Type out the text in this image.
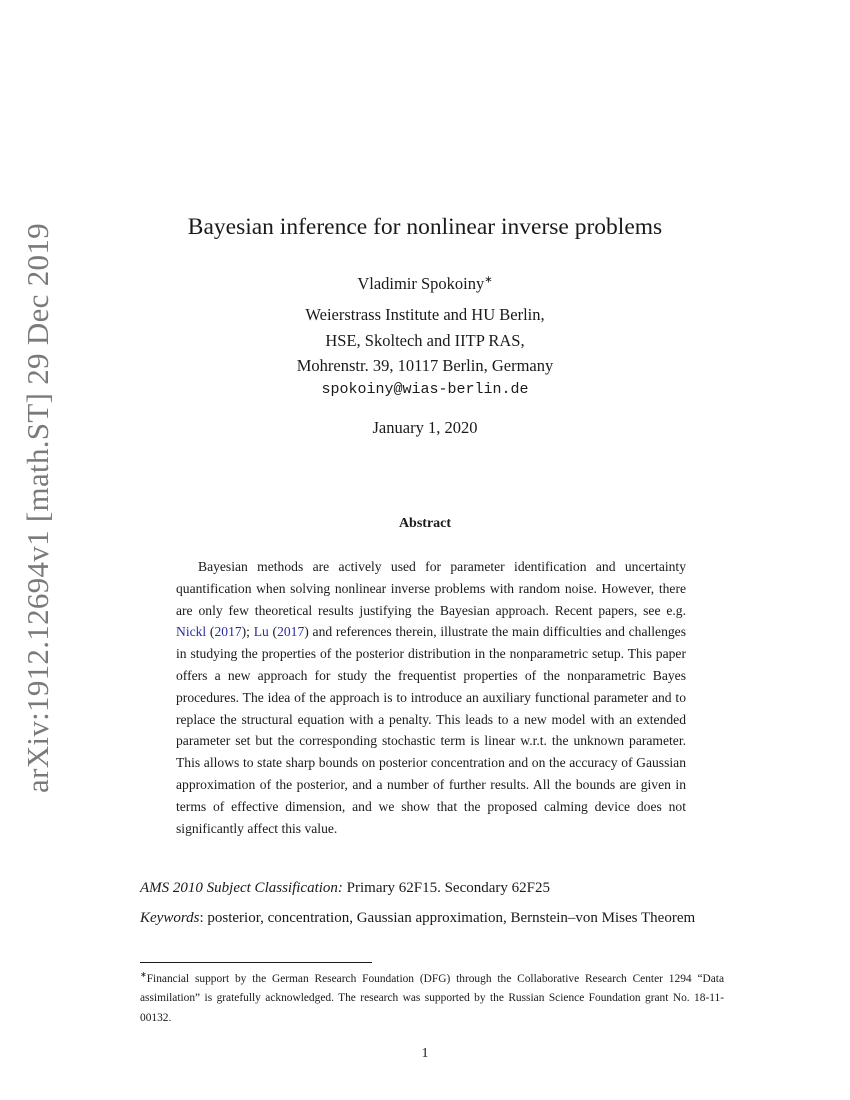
arXiv:1912.12694v1 [math.ST] 29 Dec 2019	Bayesian inference for nonlinear inverse problems
Vladimir Spokoiny∗
Weierstrass Institute and HU Berlin,
HSE, Skoltech and IITP RAS,
Mohrenstr. 39, 10117 Berlin, Germany
spokoiny@wias-berlin.de
January 1, 2020
Abstract
Bayesian methods are actively used for parameter identification and uncertainty quantification when solving nonlinear inverse problems with random noise. However, there are only few theoretical results justifying the Bayesian approach. Recent papers, see e.g. Nickl (2017); Lu (2017) and references therein, illustrate the main difficulties and challenges in studying the properties of the posterior distribution in the nonparametric setup. This paper offers a new approach for study the frequentist properties of the nonparametric Bayes procedures. The idea of the approach is to introduce an auxiliary functional parameter and to replace the structural equation with a penalty. This leads to a new model with an extended parameter set but the corresponding stochastic term is linear w.r.t. the unknown parameter. This allows to state sharp bounds on posterior concentration and on the accuracy of Gaussian approximation of the posterior, and a number of further results. All the bounds are given in terms of effective dimension, and we show that the proposed calming device does not significantly affect this value.
AMS 2010 Subject Classification: Primary 62F15. Secondary 62F25
Keywords: posterior, concentration, Gaussian approximation, Bernstein–von Mises Theorem
∗Financial support by the German Research Foundation (DFG) through the Collaborative Research Center 1294 “Data assimilation” is gratefully acknowledged. The research was supported by the Russian Science Foundation grant No. 18-11-00132.
1
